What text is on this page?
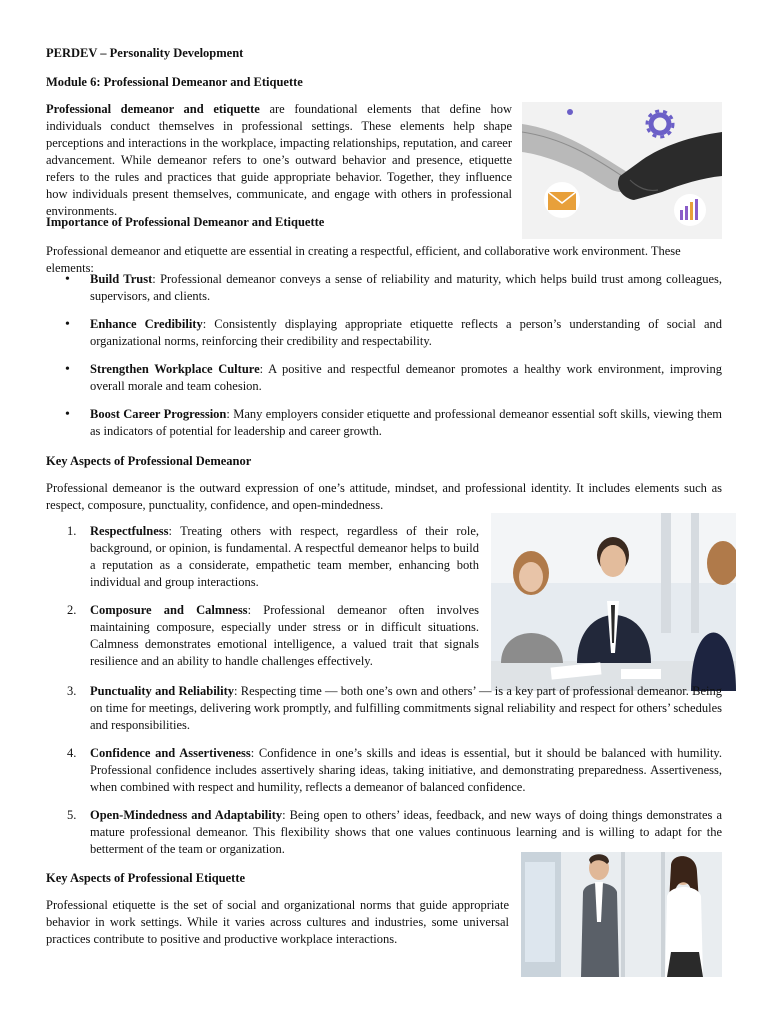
PERDEV – Personality Development
Module 6: Professional Demeanor and Etiquette

Professional demeanor and etiquette are foundational elements that define how individuals conduct themselves in professional settings. These elements help shape perceptions and interactions in the workplace, impacting relationships, reputation, and career advancement. While demeanor refers to one’s outward behavior and presence, etiquette refers to the rules and practices that guide appropriate behavior. Together, they influence how individuals present themselves, communicate, and engage with others in professional environments.

Importance of Professional Demeanor and Etiquette

Professional demeanor and etiquette are essential in creating a respectful, efficient, and collaborative work environment. These elements:

• Build Trust: Professional demeanor conveys a sense of reliability and maturity, which helps build trust among colleagues, supervisors, and clients.
• Enhance Credibility: Consistently displaying appropriate etiquette reflects a person’s understanding of social and organizational norms, reinforcing their credibility and respectability.
• Strengthen Workplace Culture: A positive and respectful demeanor promotes a healthy work environment, improving overall morale and team cohesion.
• Boost Career Progression: Many employers consider etiquette and professional demeanor essential soft skills, viewing them as indicators of potential for leadership and career growth.
Key Aspects of Professional Demeanor

Professional demeanor is the outward expression of one’s attitude, mindset, and professional identity. It includes elements such as respect, composure, punctuality, confidence, and open-mindedness.

1. Respectfulness: Treating others with respect, regardless of their role, background, or opinion, is fundamental. A respectful demeanor helps to build a reputation as a considerate, empathetic team member, enhancing both individual and group interactions.
2. Composure and Calmness: Professional demeanor often involves maintaining composure, especially under stress or in difficult situations. Calmness demonstrates emotional intelligence, a valued trait that signals resilience and an ability to handle challenges effectively.
3. Punctuality and Reliability: Respecting time — both one’s own and others’ — is a key part of professional demeanor. Being on time for meetings, delivering work promptly, and fulfilling commitments signal reliability and respect for others’ schedules and responsibilities.
4. Confidence and Assertiveness: Confidence in one’s skills and ideas is essential, but it should be balanced with humility. Professional confidence includes assertively sharing ideas, taking initiative, and demonstrating preparedness. Assertiveness, when combined with respect and humility, reflects a demeanor of balanced confidence.
5. Open-Mindedness and Adaptability: Being open to others’ ideas, feedback, and new ways of doing things demonstrates a mature professional demeanor. This flexibility shows that one values continuous learning and is willing to adapt for the betterment of the team or organization.
Key Aspects of Professional Etiquette

Professional etiquette is the set of social and organizational norms that guide appropriate behavior in work settings. While it varies across cultures and industries, some universal practices contribute to positive and productive workplace interactions.
